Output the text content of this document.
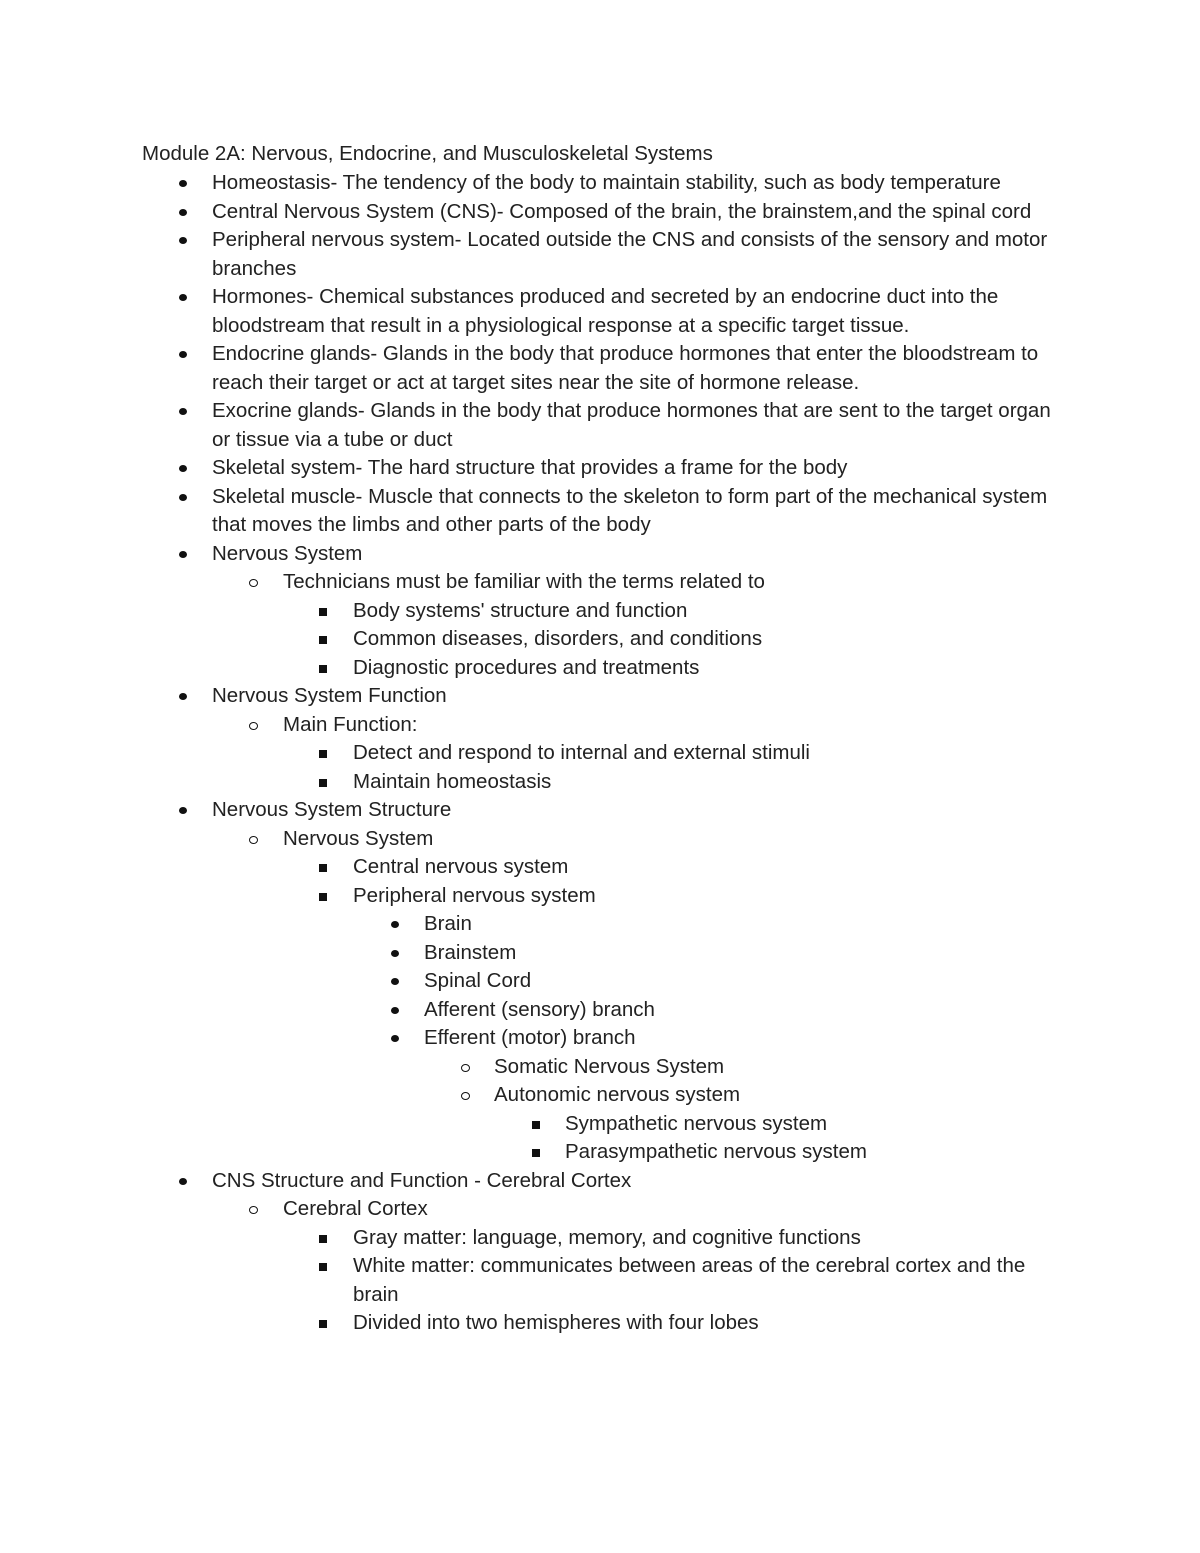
Module 2A: Nervous, Endocrine, and Musculoskeletal Systems
Homeostasis- The tendency of the body to maintain stability, such as body temperature
Central Nervous System (CNS)- Composed of the brain, the brainstem,and the spinal cord
Peripheral nervous system- Located outside the CNS and consists of the sensory and motor branches
Hormones- Chemical substances produced and secreted by an endocrine duct into the bloodstream that result in a physiological response at a specific target tissue.
Endocrine glands- Glands in the body that produce hormones that enter the bloodstream to reach their target or act at target sites near the site of hormone release.
Exocrine glands- Glands in the body that produce hormones that are sent to the target organ or tissue via a tube or duct
Skeletal system- The hard structure that provides a frame for the body
Skeletal muscle- Muscle that connects to the skeleton to form part of the mechanical system that moves the limbs and other parts of the body
Nervous System
Technicians must be familiar with the terms related to
Body systems' structure and function
Common diseases, disorders, and conditions
Diagnostic procedures and treatments
Nervous System Function
Main Function:
Detect and respond to internal and external stimuli
Maintain homeostasis
Nervous System Structure
Nervous System
Central nervous system
Peripheral nervous system
Brain
Brainstem
Spinal Cord
Afferent (sensory) branch
Efferent (motor) branch
Somatic Nervous System
Autonomic nervous system
Sympathetic nervous system
Parasympathetic nervous system
CNS Structure and Function - Cerebral Cortex
Cerebral Cortex
Gray matter: language, memory, and cognitive functions
White matter: communicates between areas of the cerebral cortex and the brain
Divided into two hemispheres with four lobes
